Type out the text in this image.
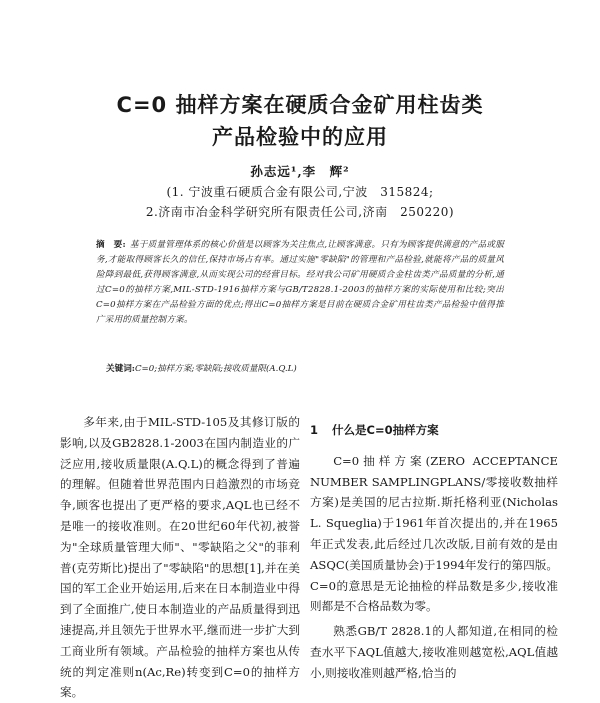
C=0 抽样方案在硬质合金矿用柱齿类
产品检验中的应用
孙志远¹,李　辉²
(1. 宁波重石硬质合金有限公司,宁波　315824;
2.济南市冶金科学研究所有限责任公司,济南　250220)
摘　要: 基于质量管理体系的核心价值是以顾客为关注焦点,让顾客满意。只有为顾客提供满意的产品或服务,才能取得顾客长久的信任,保持市场占有率。通过实施"零缺陷"的管理和产品检验,就能将产品的质量风险降到最低,获得顾客满意,从而实现公司的经营目标。经对我公司矿用硬质合金柱齿类产品质量的分析,通过C=0的抽样方案,MIL-STD-1916抽样方案与GB/T2828.1-2003的抽样方案的实际使用和比较;突出C=0抽样方案在产品检验方面的优点;得出C=0抽样方案是目前在硬质合金矿用柱齿类产品检验中值得推广采用的质量控制方案。
关键词:C=0;抽样方案;零缺陷;接收质量限(A.Q.L)

多年来,由于MIL-STD-105及其修订版的影响,以及GB2828.1-2003在国内制造业的广泛应用,接收质量限(A.Q.L)的概念得到了普遍的理解。但随着世界范围内日趋激烈的市场竞争,顾客也提出了更严格的要求,AQL也已经不是唯一的接收准则。在20世纪60年代初,被誉为"全球质量管理大师"、"零缺陷之父"的菲利普(克劳斯比)提出了"零缺陷"的思想[1],并在美国的军工企业开始运用,后来在日本制造业中得到了全面推广,使日本制造业的产品质量得到迅速提高,并且领先于世界水平,继而进一步扩大到工商业所有领域。产品检验的抽样方案也从传统的判定准则n(Ac,Re)转变到C=0的抽样方案。

1 什么是C=0抽样方案

C=0抽样方案(ZERO ACCEPTANCE NUMBER SAMPLINGPLANS/零接收数抽样方案)是美国的尼古拉斯.斯托格利亚(Nicholas L. Squeglia)于1961年首次提出的,并在1965年正式发表,此后经过几次改版,目前有效的是由ASQC(美国质量协会)于1994年发行的第四版。C=0的意思是无论抽检的样品数是多少,接收准则都是不合格品数为零。

熟悉GB/T 2828.1的人都知道,在相同的检查水平下AQL值越大,接收准则越宽松,AQL值越小,则接收准则越严格,恰当的
